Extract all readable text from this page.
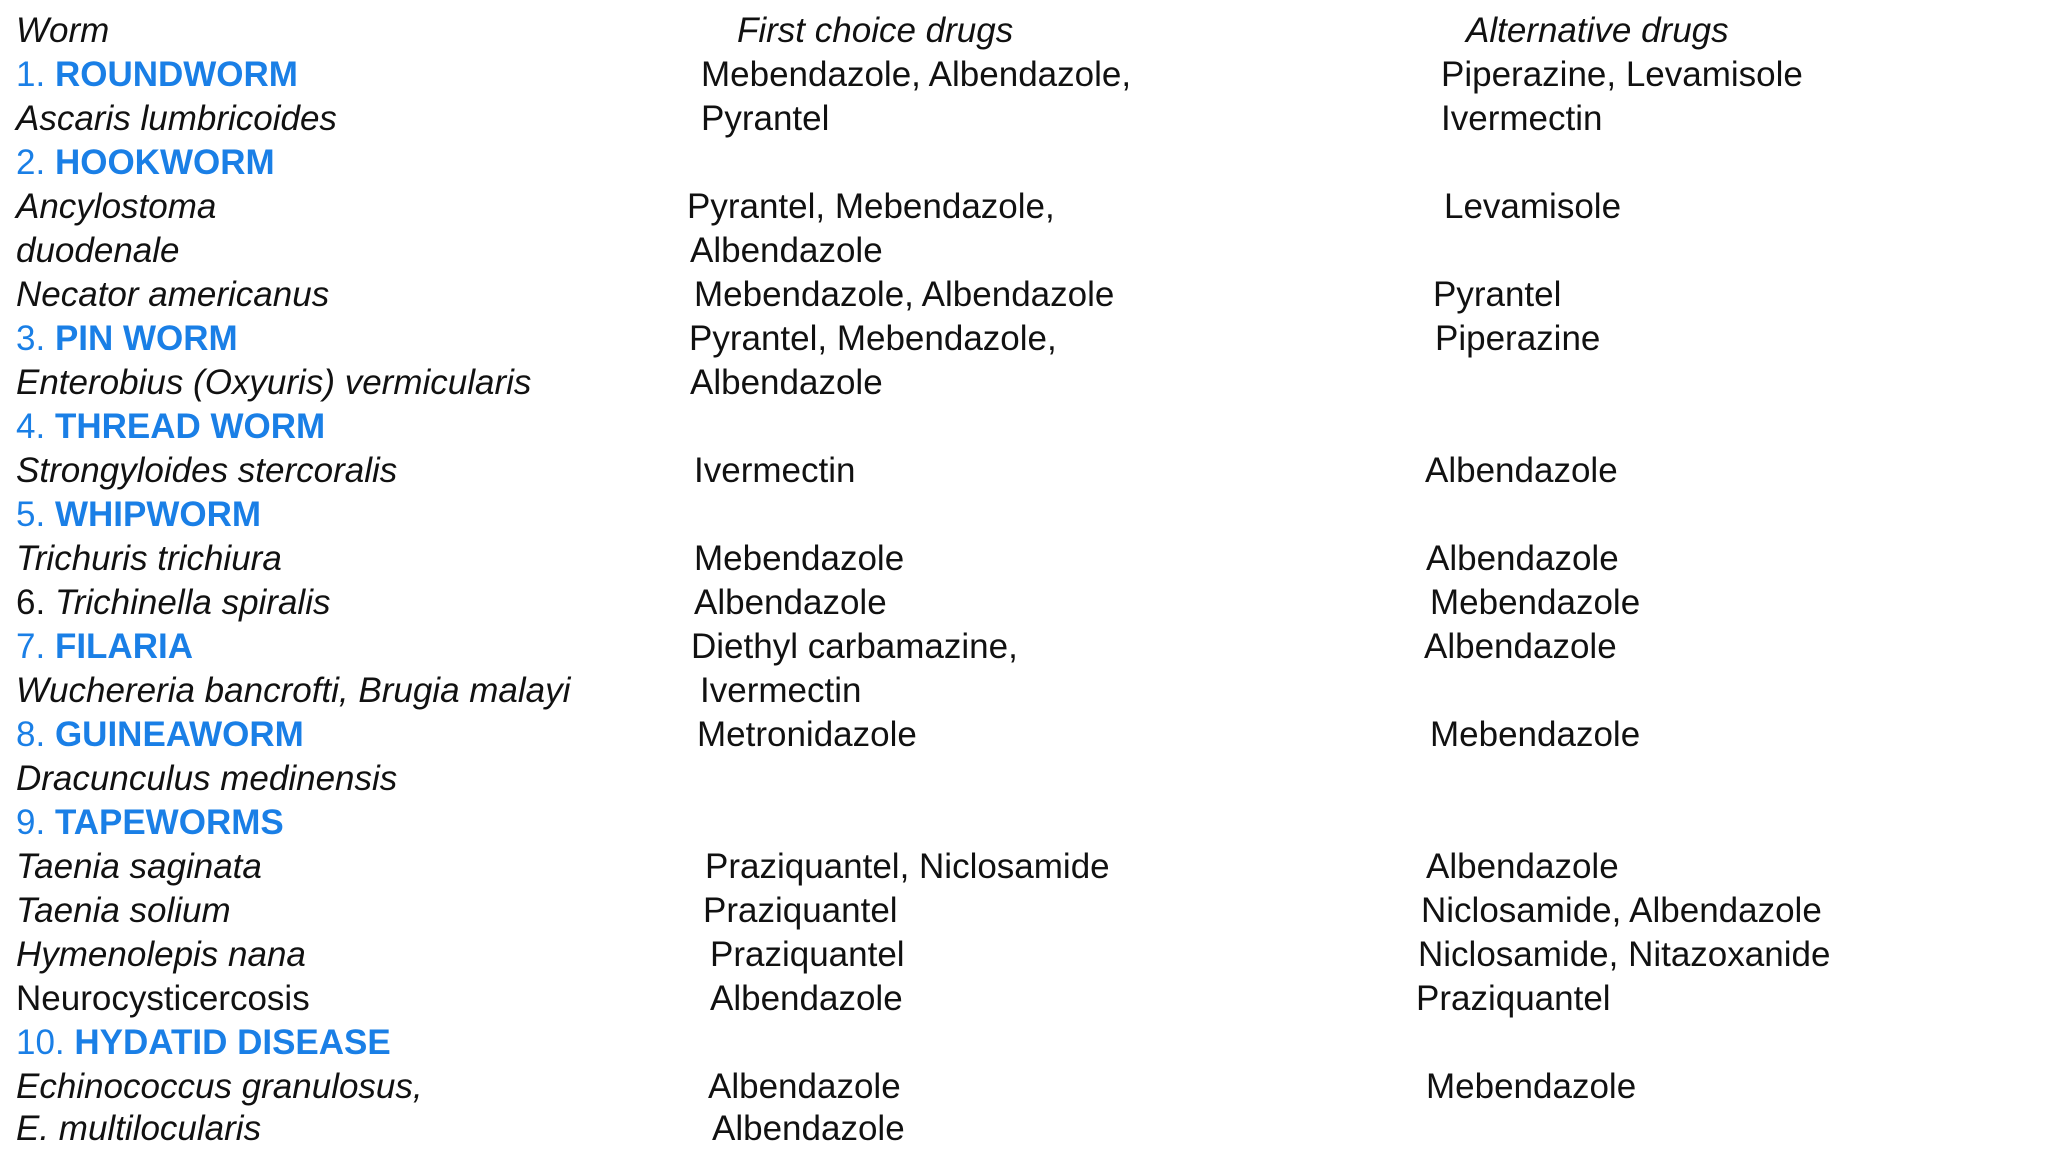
Worm	First choice drugs	Alternative drugs
1. ROUNDWORM	Mebendazole, Albendazole,	Piperazine, Levamisole
Ascaris lumbricoides	Pyrantel	Ivermectin
2. HOOKWORM
Ancylostoma	Pyrantel, Mebendazole,	Levamisole
duodenale	Albendazole
Necator americanus	Mebendazole, Albendazole	Pyrantel
3. PIN WORM	Pyrantel, Mebendazole,	Piperazine
Enterobius (Oxyuris) vermicularis	Albendazole
4. THREAD WORM
Strongyloides stercoralis	Ivermectin	Albendazole
5. WHIPWORM
Trichuris trichiura	Mebendazole	Albendazole
6. Trichinella spiralis	Albendazole	Mebendazole
7. FILARIA	Diethyl carbamazine,	Albendazole
Wuchereria bancrofti, Brugia malayi	Ivermectin
8. GUINEAWORM	Metronidazole	Mebendazole
Dracunculus medinensis
9. TAPEWORMS
Taenia saginata	Praziquantel, Niclosamide	Albendazole
Taenia solium	Praziquantel	Niclosamide, Albendazole
Hymenolepis nana	Praziquantel	Niclosamide, Nitazoxanide
Neurocysticercosis	Albendazole	Praziquantel
10. HYDATID DISEASE
Echinococcus granulosus,	Albendazole	Mebendazole
E. multilocularis	Albendazole
